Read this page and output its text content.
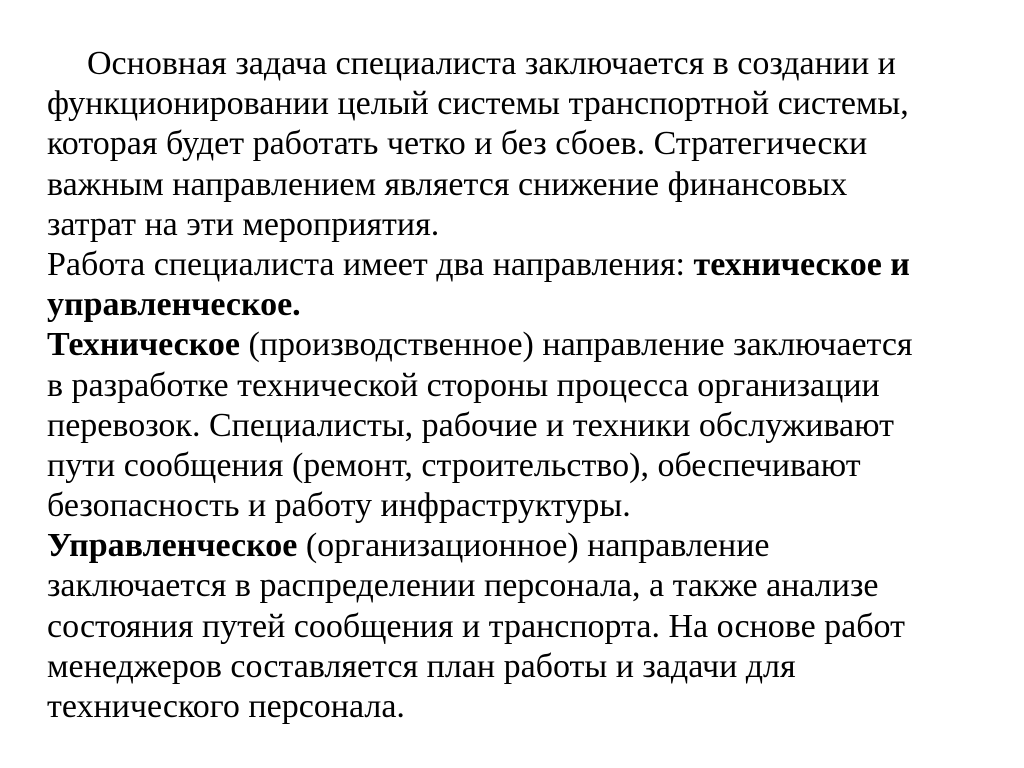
Основная задача специалиста заключается в создании и
функционировании целый системы транспортной системы,
которая будет работать четко и без сбоев. Стратегически
важным направлением является снижение финансовых
затрат на эти мероприятия.
Работа специалиста имеет два направления: техническое и
управленческое.
Техническое (производственное) направление заключается
в разработке технической стороны процесса организации
перевозок. Специалисты, рабочие и техники обслуживают
пути сообщения (ремонт, строительство), обеспечивают
безопасность и работу инфраструктуры.
Управленческое (организационное) направление
заключается в распределении персонала, а также анализе
состояния путей сообщения и транспорта. На основе работ
менеджеров составляется план работы и задачи для
технического персонала.
